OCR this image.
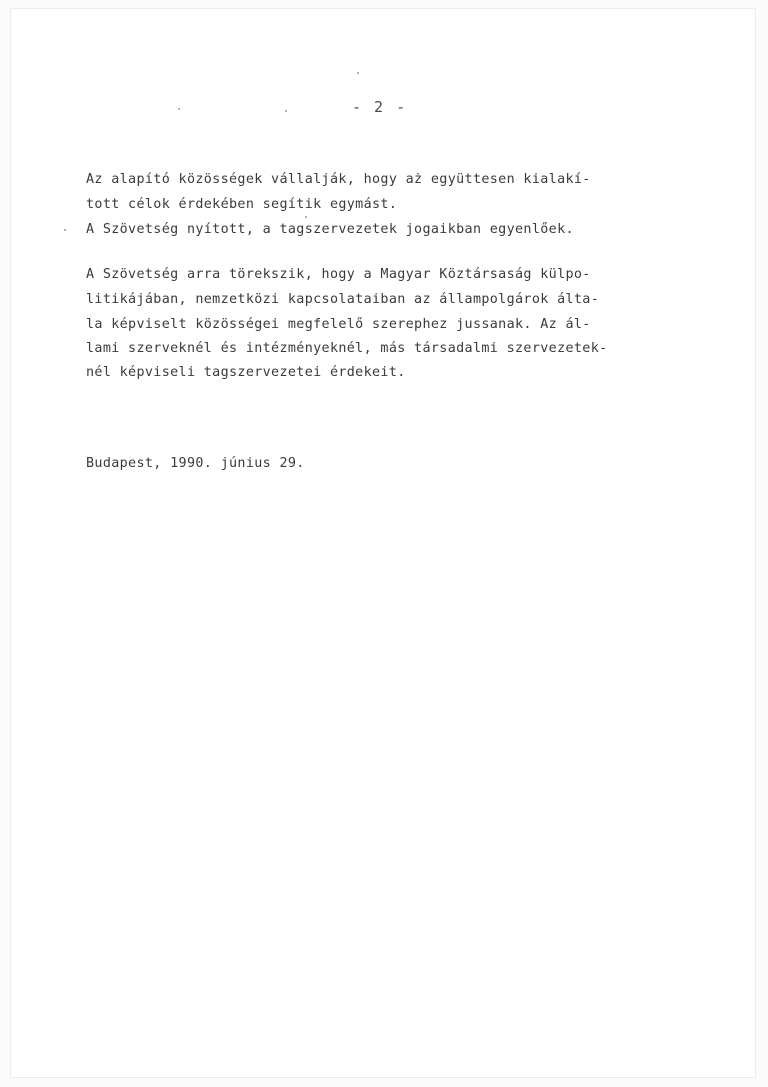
- 2 -
Az alapító közösségek vállalják, hogy aż együttesen kialakí-
tott célok érdekében segítik egymást.
A Szövetség nyított, a tagszervezetek jogaikban egyenlőek.
A Szövetség arra törekszik, hogy a Magyar Köztársaság külpo-
litikájában, nemzetközi kapcsolataiban az állampolgárok álta-
la képviselt közösségei megfelelő szerephez jussanak. Az ál-
lami szerveknél és intézményeknél, más társadalmi szervezetek-
nél képviseli tagszervezetei érdekeit.
Budapest, 1990. június 29.
